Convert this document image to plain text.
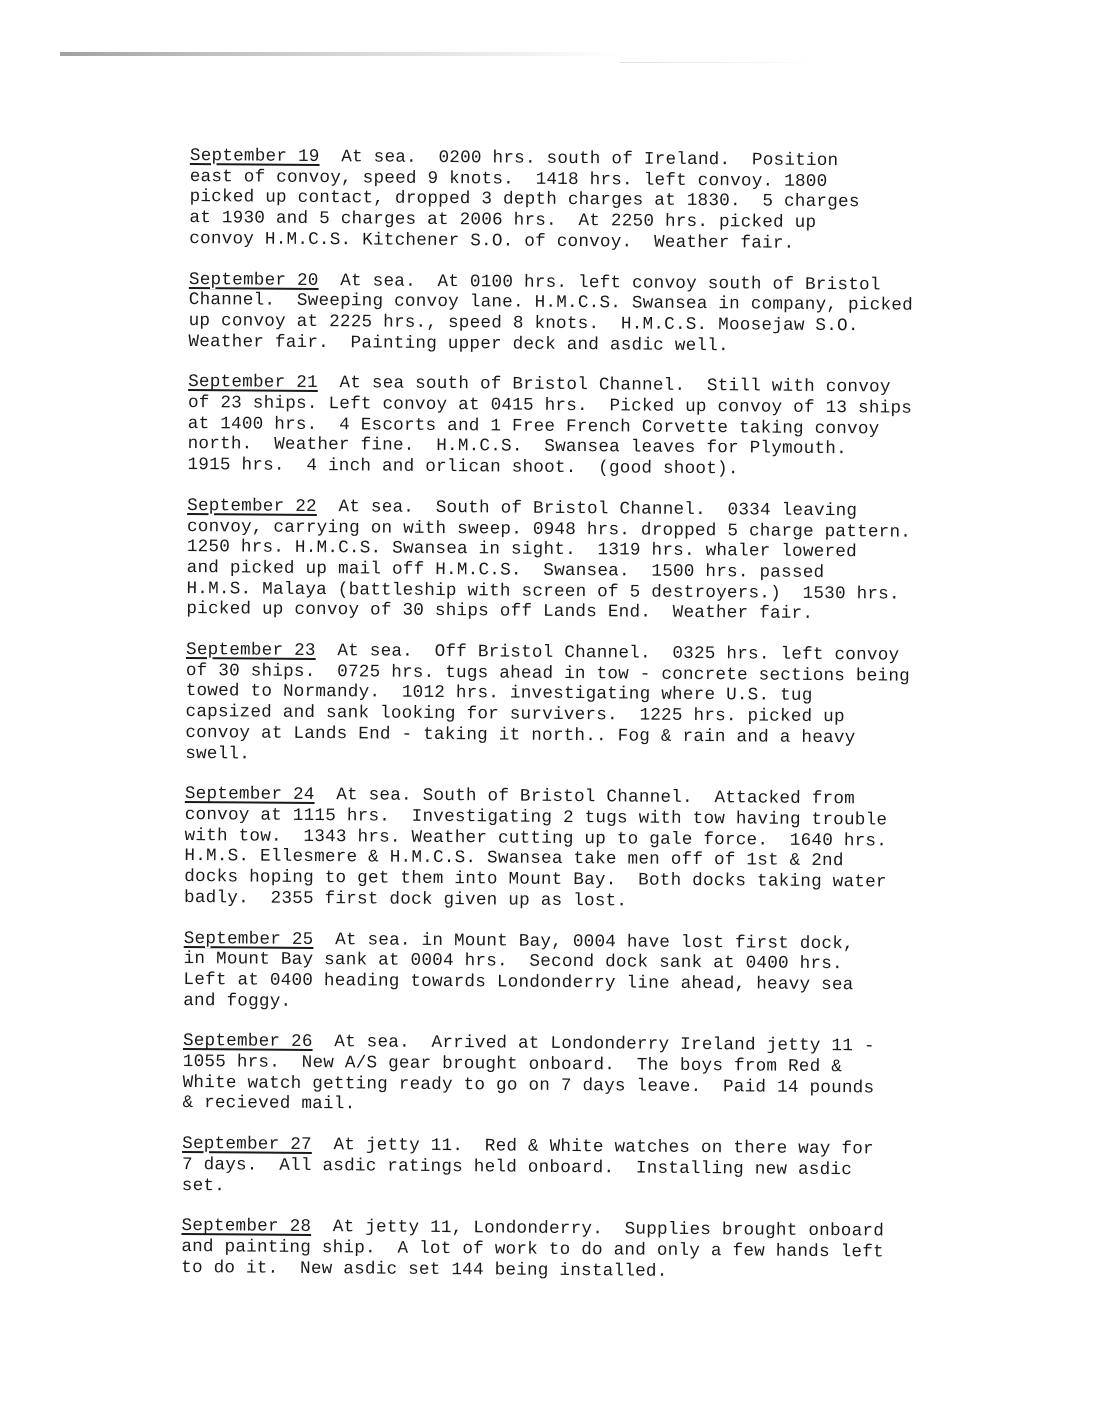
September 19 At sea.  0200 hrs. south of Ireland.  Position
east of convoy, speed 9 knots.  1418 hrs. left convoy. 1800
picked up contact, dropped 3 depth charges at 1830.  5 charges
at 1930 and 5 charges at 2006 hrs.  At 2250 hrs. picked up
convoy H.M.C.S. Kitchener S.O. of convoy.  Weather fair.
September 20 At sea.  At 0100 hrs. left convoy south of Bristol
Channel.  Sweeping convoy lane. H.M.C.S. Swansea in company, picked
up convoy at 2225 hrs., speed 8 knots.  H.M.C.S. Moosejaw S.O.
Weather fair.  Painting upper deck and asdic well.
September 21 At sea south of Bristol Channel.  Still with convoy
of 23 ships. Left convoy at 0415 hrs.  Picked up convoy of 13 ships
at 1400 hrs.  4 Escorts and 1 Free French Corvette taking convoy
north.  Weather fine.  H.M.C.S.  Swansea leaves for Plymouth.
1915 hrs.  4 inch and orlican shoot.  (good shoot).
September 22 At sea.  South of Bristol Channel.  0334 leaving
convoy, carrying on with sweep. 0948 hrs. dropped 5 charge pattern.
1250 hrs. H.M.C.S. Swansea in sight.  1319 hrs. whaler lowered
and picked up mail off H.M.C.S.  Swansea.  1500 hrs. passed
H.M.S. Malaya (battleship with screen of 5 destroyers.)  1530 hrs.
picked up convoy of 30 ships off Lands End.  Weather fair.
September 23 At sea.  Off Bristol Channel.  0325 hrs. left convoy
of 30 ships.  0725 hrs. tugs ahead in tow - concrete sections being
towed to Normandy.  1012 hrs. investigating where U.S. tug
capsized and sank looking for survivers.  1225 hrs. picked up
convoy at Lands End - taking it north.. Fog & rain and a heavy
swell.
September 24 At sea. South of Bristol Channel.  Attacked from
convoy at 1115 hrs.  Investigating 2 tugs with tow having trouble
with tow.  1343 hrs. Weather cutting up to gale force.  1640 hrs.
H.M.S. Ellesmere & H.M.C.S. Swansea take men off of 1st & 2nd
docks hoping to get them into Mount Bay.  Both docks taking water
badly.  2355 first dock given up as lost.
September 25 At sea. in Mount Bay, 0004 have lost first dock,
in Mount Bay sank at 0004 hrs.  Second dock sank at 0400 hrs.
Left at 0400 heading towards Londonderry line ahead, heavy sea
and foggy.
September 26 At sea.  Arrived at Londonderry Ireland jetty 11 -
1055 hrs.  New A/S gear brought onboard.  The boys from Red &
White watch getting ready to go on 7 days leave.  Paid 14 pounds
& recieved mail.
September 27 At jetty 11.  Red & White watches on there way for
7 days.  All asdic ratings held onboard.  Installing new asdic
set.
September 28 At jetty 11, Londonderry.  Supplies brought onboard
and painting ship.  A lot of work to do and only a few hands left
to do it.  New asdic set 144 being installed.
